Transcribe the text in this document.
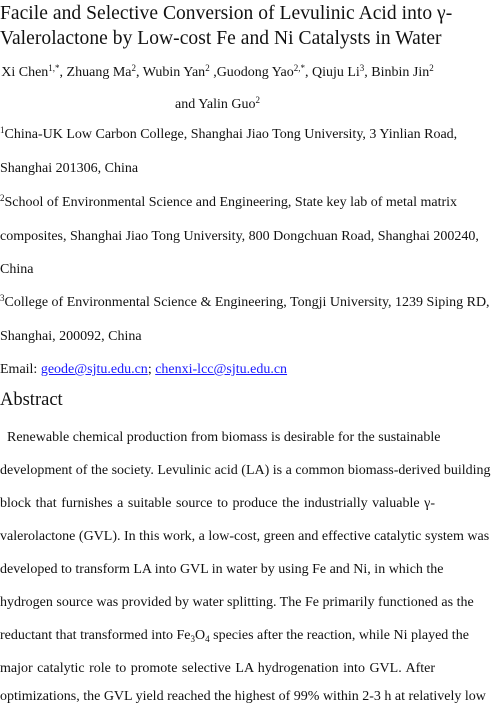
Facile and Selective Conversion of Levulinic Acid into γ-
Valerolactone by Low-cost Fe and Ni Catalysts in Water
Xi Chen$^{1,*}$, Zhuang Ma$^2$, Wubin Yan$^2$ ,Guodong Yao$^{2,*}$, Qiuju Li$^3$, Binbin Jin$^2$
and Yalin Guo$^2$
$^1$China-UK Low Carbon College, Shanghai Jiao Tong University, 3 Yinlian Road,
Shanghai 201306, China
$^2$School of Environmental Science and Engineering, State key lab of metal matrix
composites, Shanghai Jiao Tong University, 800 Dongchuan Road, Shanghai 200240,
China
$^3$College of Environmental Science & Engineering, Tongji University, 1239 Siping RD,
Shanghai, 200092, China
Email: geode@sjtu.edu.cn; chenxi-lcc@sjtu.edu.cn
Abstract
Renewable chemical production from biomass is desirable for the sustainable
development of the society. Levulinic acid (LA) is a common biomass-derived building
block that furnishes a suitable source to produce the industrially valuable γ-
valerolactone (GVL). In this work, a low-cost, green and effective catalytic system was
developed to transform LA into GVL in water by using Fe and Ni, in which the
hydrogen source was provided by water splitting. The Fe primarily functioned as the
reductant that transformed into $Fe_3O_4$ species after the reaction, while Ni played the
major catalytic role to promote selective LA hydrogenation into GVL. After
optimizations, the GVL yield reached the highest of 99% within 2-3 h at relatively low
